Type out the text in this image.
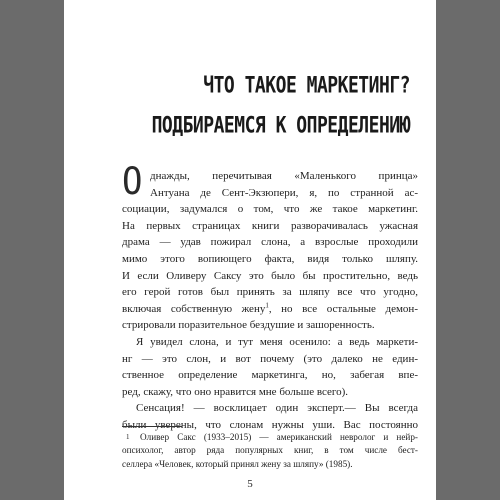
ЧТО ТАКОЕ МАРКЕТИНГ?
ПОДБИРАЕМСЯ К ОПРЕДЕЛЕНИЮ
О днажды, перечитывая «Маленького принца»
Антуана де Сент-Экзюпери, я, по странной ас-
социации, задумался о том, что же такое маркетинг.
На первых страницах книги разворачивалась ужасная
драма — удав пожирал слона, а взрослые проходили
мимо этого вопиющего факта, видя только шляпу.
И если Оливеру Саксу это было бы простительно, ведь
его герой готов был принять за шляпу все что угодно,
включая собственную жену$^1$, но все остальные демон-
стрировали поразительное бездушие и зашоренность.
Я увидел слона, и тут меня осенило: а ведь маркети-
нг — это слон, и вот почему (это далеко не един-
ственное определение маркетинга, но, забегая впе-
ред, скажу, что оно нравится мне больше всего).
Сенсация! — восклицает один эксперт.— Вы всегда
были уверены, что слонам нужны уши. Вас постоянно
1	Оливер Сакс (1933–2015) — американский невролог и нейр-
опсихолог, автор ряда популярных книг, в том числе бест-
селлера «Человек, который принял жену за шляпу» (1985).
5
